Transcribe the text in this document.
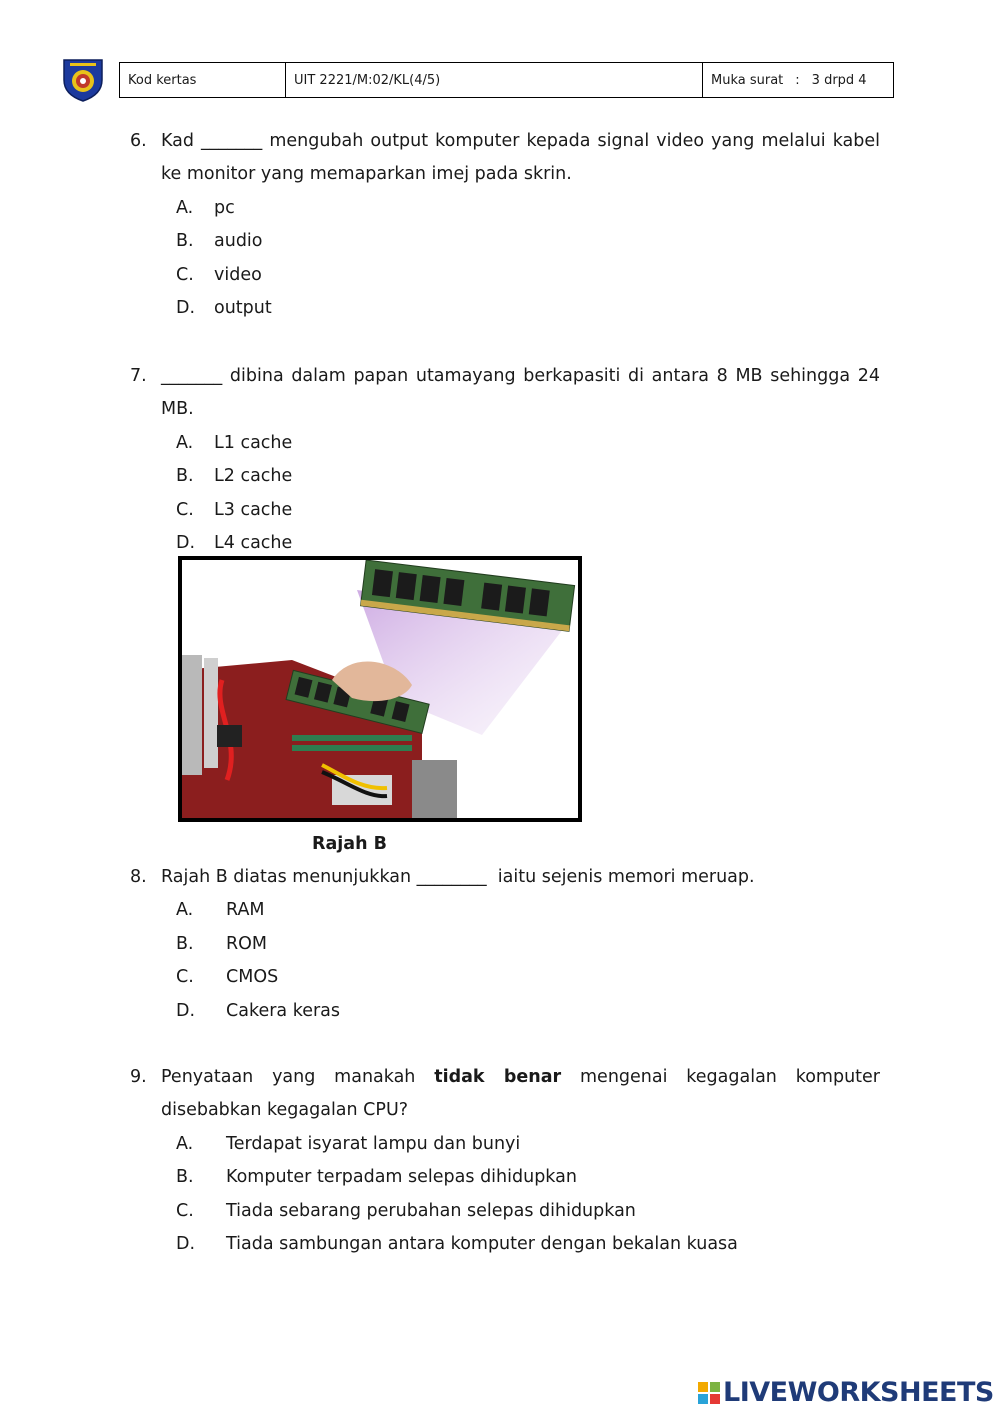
Kod kertas	UIT 2221/M:02/KL(4/5)	Muka surat : 3 drpd 4
6. Kad _______ mengubah output komputer kepada signal video yang melalui kabel ke monitor yang memaparkan imej pada skrin.
A.	pc
B.	audio
C.	video
D.	output
7. _______ dibina dalam papan utamayang berkapasiti di antara 8 MB sehingga 24 MB.
A.	L1 cache
B.	L2 cache
C.	L3 cache
D.	L4 cache
Rajah B
8. Rajah B diatas menunjukkan ________  iaitu sejenis memori meruap.
A.	RAM
B.	ROM
C.	CMOS
D.	Cakera keras
9. Penyataan yang manakah tidak benar mengenai kegagalan komputer disebabkan kegagalan CPU?
A.	Terdapat isyarat lampu dan bunyi
B.	Komputer terpadam selepas dihidupkan
C.	Tiada sebarang perubahan selepas dihidupkan
D.	Tiada sambungan antara komputer dengan bekalan kuasa
LIVEWORKSHEETS
